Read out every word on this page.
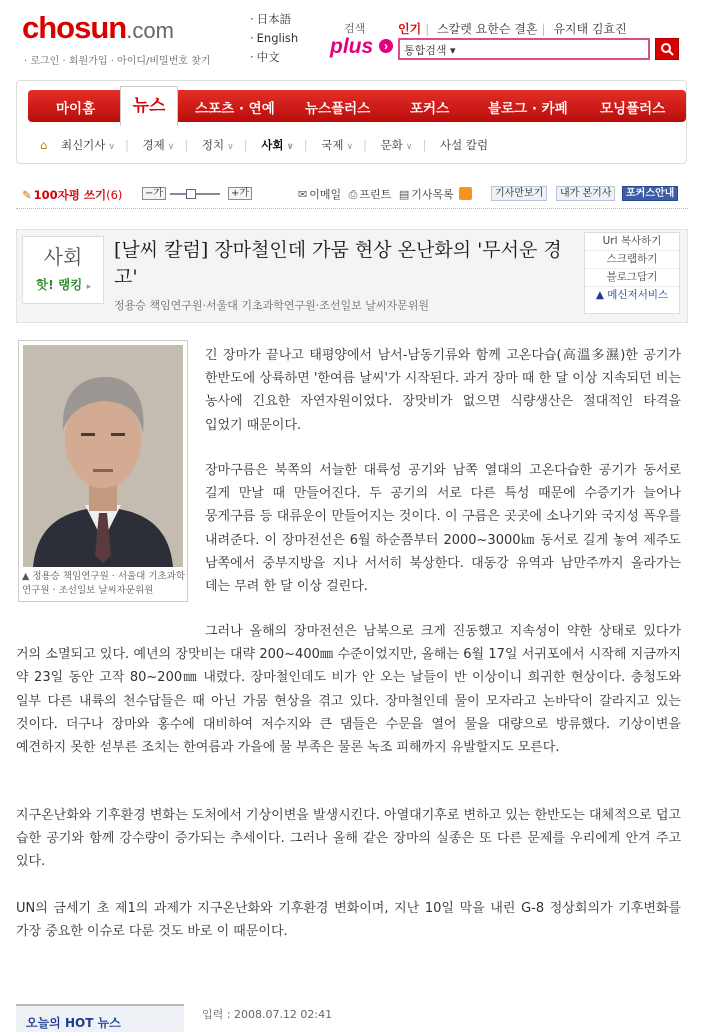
chosun.com
· 로그인 · 회원가입 · 아이디/비밀번호 찾기
· 日本語
· English
· 中文
검색
plus ›
인기 | 스칼렛 요한슨 결혼 | 유지태 김효진
통합검색 ▾
마이홈	뉴스	스포츠 · 연예 뉴스플러스	포커스	블로그 · 카페 모닝플러스
⌂ 최신기사 ∨ | 경제 ∨ | 정치 ∨ | 사회 ∨ | 국제 ∨ | 문화 ∨ | 사설 칼럼
✎ 100자평 쓰기(6)	−가	+가	✉ 이메일 ⎙ 프린트 ▤ 기사목록	기사만보기	내가 본기사	포커스안내
사회
핫! 랭킹 ▸
[날씨 칼럼] 장마철인데 가뭄 현상 온난화의 '무서운 경고'
정용승 책임연구원·서울대 기초과학연구원·조선일보 날씨자문위원
Url 복사하기
스크랩하기
블로그담기
▲ 메신저서비스
▲ 정용승 책임연구원 · 서울대 기초과학연구원 · 조선일보 날씨자문위원
긴 장마가 끝나고 태평양에서 남서-남동기류와 함께 고온다습(高溫多濕)한 공기가 한반도에 상륙하면 '한여름 날씨'가 시작된다. 과거 장마 때 한 달 이상 지속되던 비는 농사에 긴요한 자연자원이었다. 장맛비가 없으면 식량생산은 절대적인 타격을 입었기 때문이다.
장마구름은 북쪽의 서늘한 대륙성 공기와 남쪽 열대의 고온다습한 공기가 동서로 길게 만날 때 만들어진다. 두 공기의 서로 다른 특성 때문에 수증기가 늘어나 뭉게구름 등 대류운이 만들어지는 것이다. 이 구름은 곳곳에 소나기와 국지성 폭우를 내려준다. 이 장마전선은 6월 하순쯤부터 2000~3000㎞ 동서로 길게 놓여 제주도 남쪽에서 중부지방을 지나 서서히 북상한다. 대동강 유역과 남만주까지 올라가는 데는 무려 한 달 이상 걸린다.
그러나 올해의 장마전선은 남북으로 크게 진동했고 지속성이 약한 상태로 있다가 거의 소멸되고 있다. 예년의 장맛비는 대략 200~400㎜ 수준이었지만, 올해는 6월 17일 서귀포에서 시작해 지금까지 약 23일 동안 고작 80~200㎜ 내렸다. 장마철인데도 비가 안 오는 날들이 반 이상이니 희귀한 현상이다. 충청도와 일부 다른 내륙의 천수답들은 때 아닌 가뭄 현상을 겪고 있다. 장마철인데 물이 모자라고 논바닥이 갈라지고 있는 것이다. 더구나 장마와 홍수에 대비하여 저수지와 큰 댐들은 수문을 열어 물을 대량으로 방류했다. 기상이변을 예견하지 못한 섣부른 조치는 한여름과 가을에 물 부족은 물론 녹조 피해까지 유발할지도 모른다.
지구온난화와 기후환경 변화는 도처에서 기상이변을 발생시킨다. 아열대기후로 변하고 있는 한반도는 대체적으로 덥고 습한 공기와 함께 강수량이 증가되는 추세이다. 그러나 올해 같은 장마의 실종은 또 다른 문제를 우리에게 안겨 주고 있다.
UN의 금세기 초 제1의 과제가 지구온난화와 기후환경 변화이며, 지난 10일 막을 내린 G-8 정상회의가 기후변화를 가장 중요한 이슈로 다룬 것도 바로 이 때문이다.
오늘의 HOT 뉴스
입력 : 2008.07.12 02:41
